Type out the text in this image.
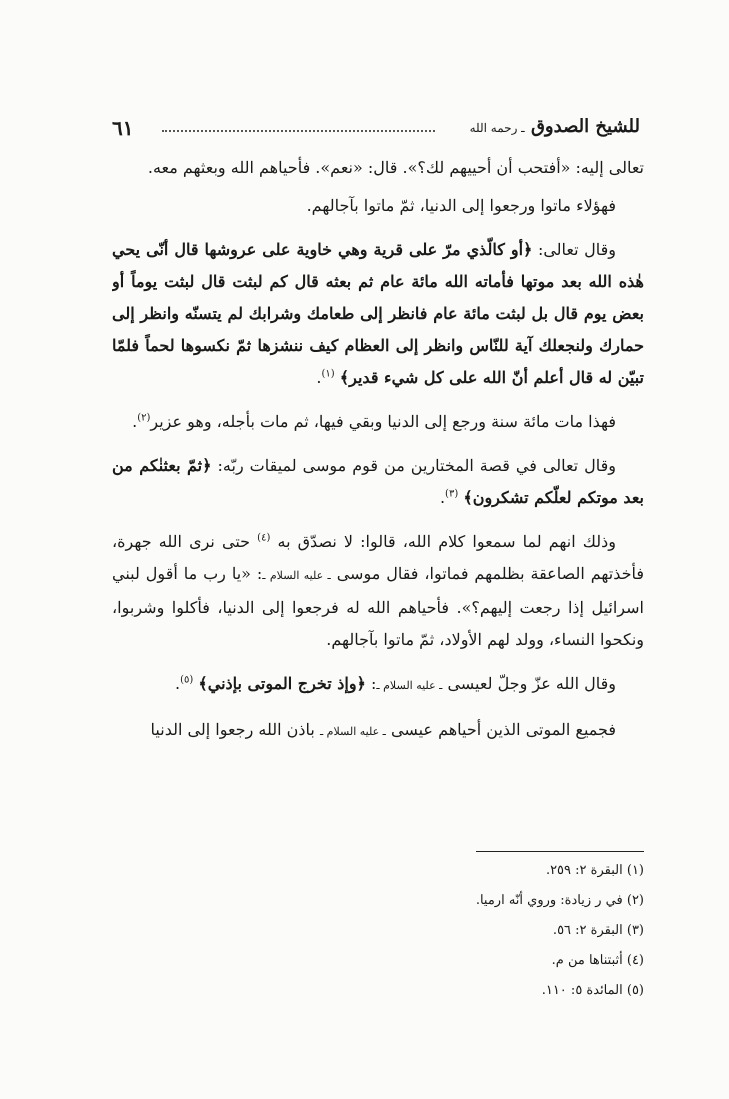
للشيخ الصدوق ـ رحمه الله
٦١

تعالى إليه: «أفتحب أن أحييهم لك؟». قال: «نعم». فأحياهم الله وبعثهم معه.

فهؤلاء ماتوا ورجعوا إلى الدنيا، ثمّ ماتوا بآجالهم.

وقال تعالى: ﴿أو كالّذي مرّ على قرية وهي خاوية على عروشها قال أنّى يحي هٰذه الله بعد موتها فأماته الله مائة عام ثم بعثه قال كم لبثت قال لبثت يوماً أو بعض يوم قال بل لبثت مائة عام فانظر إلى طعامك وشرابك لم يتسنّه وانظر إلى حمارك ولنجعلك آية للنّاس وانظر إلى العظام كيف ننشزها ثمّ نكسوها لحماً فلمّا تبيّن له قال أعلم أنّ الله على كل شيء قدير﴾ $^{(١)}$.

فهذا مات مائة سنة ورجع إلى الدنيا وبقي فيها، ثم مات بأجله، وهو عزير$^{(٢)}$.

وقال تعالى في قصة المختارين من قوم موسى لميقات ربّه: ﴿ثمّ بعثنٰكم من بعد موتكم لعلّكم تشكرون﴾ $^{(٣)}$.

وذلك انهم لما سمعوا كلام الله، قالوا: لا نصدّق به $^{(٤)}$ حتى نرى الله جهرة، فأخذتهم الصاعقة بظلمهم فماتوا، فقال موسى ـ عليه السلام ـ: «يا رب ما أقول لبني اسرائيل إذا رجعت إليهم؟». فأحياهم الله له فرجعوا إلى الدنيا، فأكلوا وشربوا، ونكحوا النساء، وولد لهم الأولاد، ثمّ ماتوا بآجالهم.

وقال الله عزّ وجلّ لعيسى ـ عليه السلام ـ: ﴿وإذ تخرج الموتى بإذني﴾ $^{(٥)}$.

فجميع الموتى الذين أحياهم عيسى ـ عليه السلام ـ باذن الله رجعوا إلى الدنيا

(١) البقرة ٢: ٢٥٩.
(٢) في ر زيادة: وروي أنّه ارميا.
(٣) البقرة ٢: ٥٦.
(٤) أثبتناها من م.
(٥) المائدة ٥: ١١٠.
